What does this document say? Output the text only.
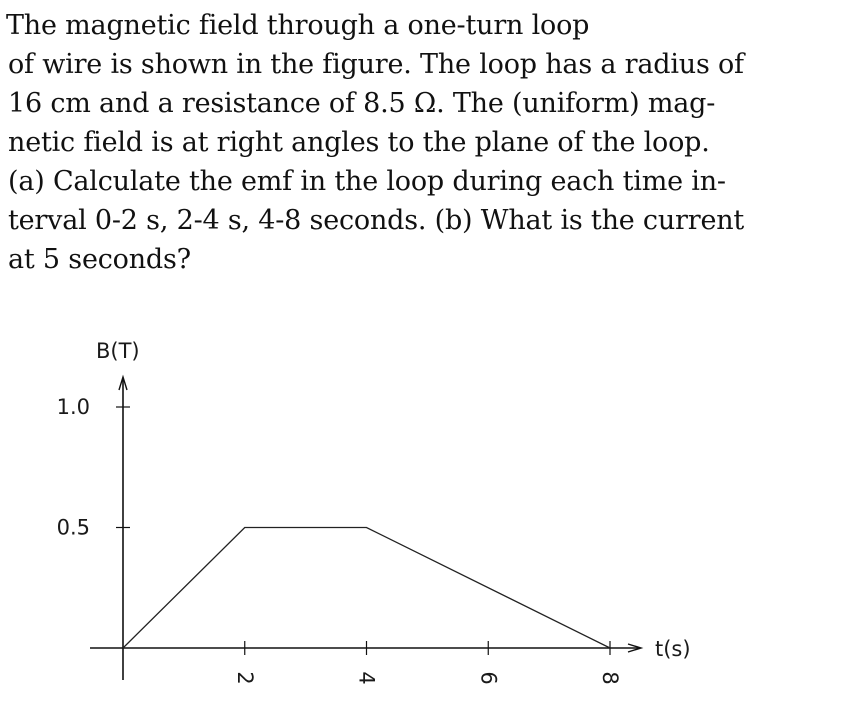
The magnetic field through a one-turn loop
of wire is shown in the figure. The loop has a radius of
16 cm and a resistance of 8.5 Ω. The (uniform) mag-
netic field is at right angles to the plane of the loop.
(a) Calculate the emf in the loop during each time in-
terval 0-2 s, 2-4 s, 4-8 seconds. (b) What is the current
at 5 seconds?
2	4	6	8
0.5
1.0
B(T)
t(s)
